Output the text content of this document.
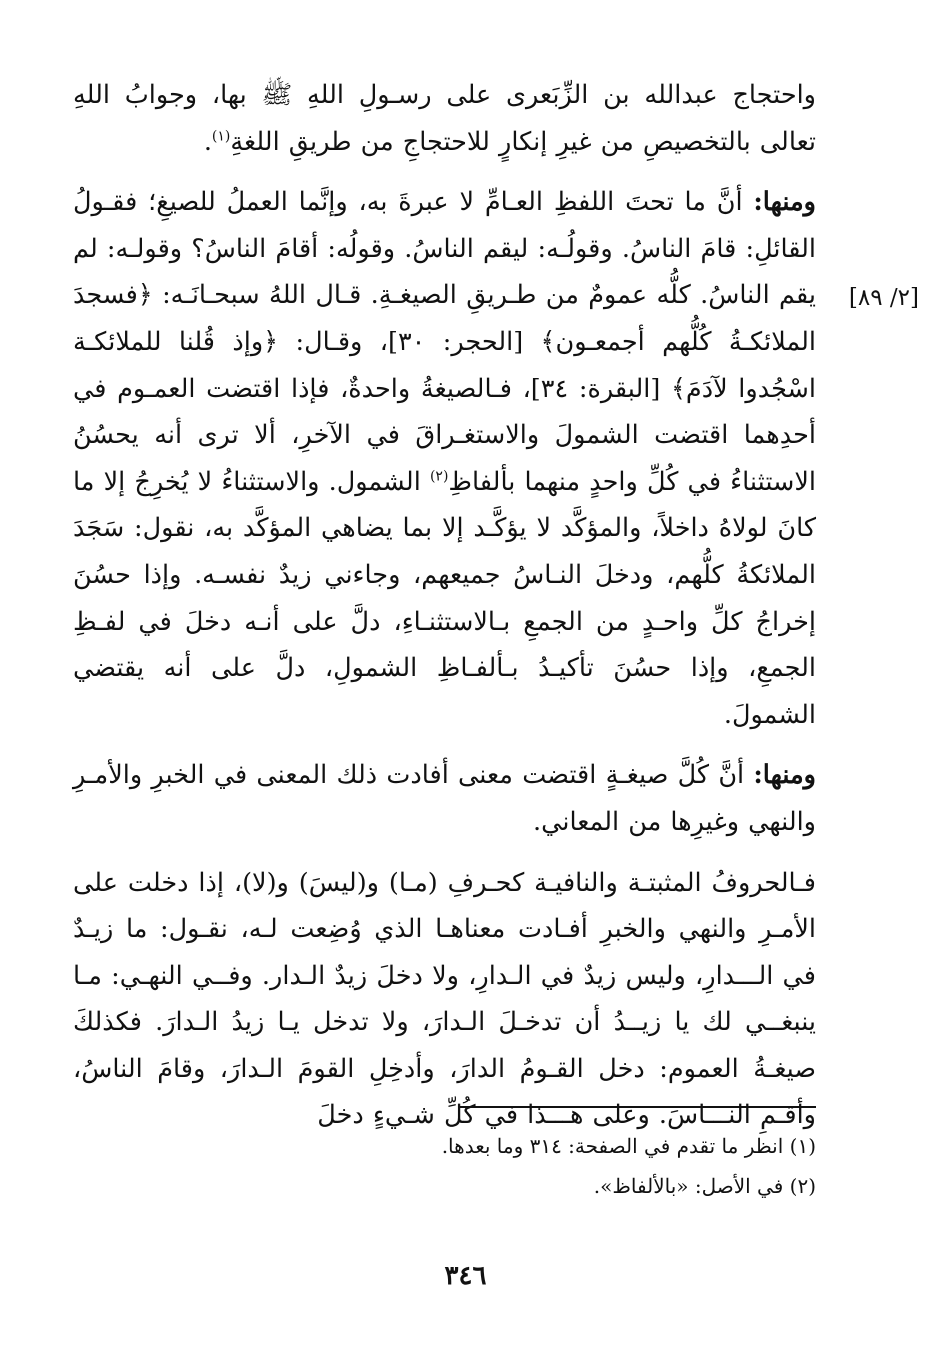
واحتجاج عبدالله بن الزِّبَعرى على رسـولِ اللهِ ﷺ بها، وجوابُ اللهِ تعالى بالتخصيصِ من غيرِ إنكارٍ للاحتجاجِ من طريقِ اللغةِ$^{(١)}$.

ومنها: أنَّ ما تحتَ اللفظِ العـامِّ لا عبرةَ به، وإنَّما العملُ للصيغِ؛ فقـولُ القائلِ: قامَ الناسُ. وقولُـه: ليقم الناسُ. وقولُه: أقامَ الناسُ؟ وقولـه: لم يقم الناسُ. كلُّه عمومٌ من طـريقِ الصيغـةِ. قـال اللهُ سبحـانَـه: ﴿فسجدَ الملائكـةُ كُلُّهم أجمعـون﴾ [الحجر: ٣٠]، وقـال: ﴿وإذ قُلنا للملائكـة اسْجُدوا لآدَمَ﴾ [البقرة: ٣٤]، فـالصيغةُ واحدةٌ، فإذا اقتضت العمـوم في أحدِهما اقتضت الشمولَ والاستغـراقَ في الآخرِ، ألا ترى أنه يحسُنُ الاستثناءُ في كُلِّ واحدٍ منهما بألفاظِ$^{(٢)}$ الشمول. والاستثناءُ لا يُخرِجُ إلا ما كانَ لولاهُ داخلاً، والمؤكَّد لا يؤكَّـد إلا بما يضاهي المؤكَّد به، نقول: سَجَدَ الملائكةُ كلُّهم، ودخلَ النـاسُ جميعهم، وجاءني زيدٌ نفسـه. وإذا حسُنَ إخراجُ كلِّ واحـدٍ من الجمعِ بـالاستثنـاءِ، دلَّ على أنـه دخلَ في لفـظِ الجمعِ، وإذا حسُنَ تأكيـدُ بـألفـاظِ الشمولِ، دلَّ على أنه يقتضي الشمولَ.

ومنها: أنَّ كُلَّ صيغـةٍ اقتضت معنى أفادت ذلك المعنى في الخبرِ والأمـرِ والنهي وغيرِها من المعاني.

فـالحروفُ المثبتـة والنافيـة كحـرفِ (مـا) و(ليسَ) و(لا)، إذا دخلت على الأمـرِ والنهي والخبرِ أفـادت معناهـا الذي وُضِعت لـه، نقـول: ما زيـدٌ في الـــدارِ، وليس زيدٌ في الـدارِ، ولا دخلَ زيدٌ الـدار. وفــي النهـي: مـا ينبغــي لك يا زيــدُ أن تدخـلَ الـدارَ، ولا تدخل يـا زيدُ الـدارَ. فكذلكَ صيغـةُ العموم: دخل القـومُ الدارَ، وأدخِلِ القومَ الـدارَ، وقامَ الناسُ، وأقـمِ النـــاسَ. وعلى هـــذا في كُلِّ شـيءٍ دخلَ

[٢/ ٨٩]

(١) انظر ما تقدم في الصفحة: ٣١٤ وما بعدها.

(٢) في الأصل: «بالألفاظ».

٣٤٦
